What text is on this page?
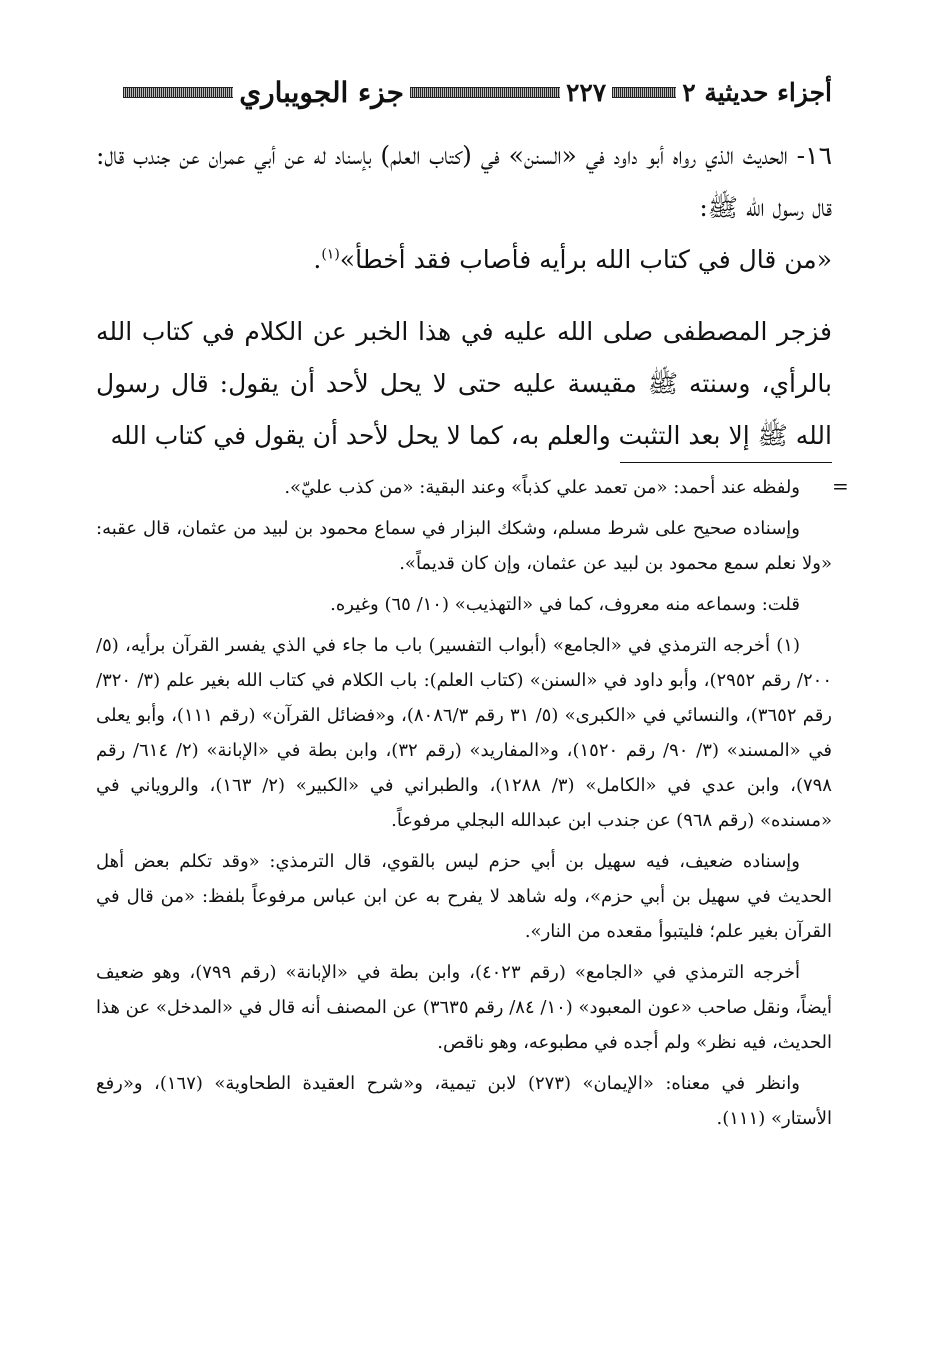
أجزاء حديثية ٢
٢٢٧
جزء الجويباري

١٦- الحديث الذي رواه أبو داود في «السنن» في (كتاب العلم) بإسناد له عن أبي عمران عن جندب قال: قال رسول الله ﷺ:

«من قال في كتاب الله برأيه فأصاب فقد أخطأ»$^{(١)}$.

فزجر المصطفى صلى الله عليه في هذا الخبر عن الكلام في كتاب الله بالرأي، وسنته ﷺ مقيسة عليه حتى لا يحل لأحد أن يقول: قال رسول الله ﷺ إلا بعد التثبت والعلم به، كما لا يحل لأحد أن يقول في كتاب الله

=

ولفظه عند أحمد: «من تعمد علي كذباً» وعند البقية: «من كذب عليّ».

وإسناده صحيح على شرط مسلم، وشكك البزار في سماع محمود بن لبيد من عثمان، قال عقبه: «ولا نعلم سمع محمود بن لبيد عن عثمان، وإن كان قديماً».

قلت: وسماعه منه معروف، كما في «التهذيب» (١٠/ ٦٥) وغيره.

(١) أخرجه الترمذي في «الجامع» (أبواب التفسير) باب ما جاء في الذي يفسر القرآن برأيه، (٥/ ٢٠٠/ رقم ٢٩٥٢)، وأبو داود في «السنن» (كتاب العلم): باب الكلام في كتاب الله بغير علم (٣/ ٣٢٠/ رقم ٣٦٥٢)، والنسائي في «الكبرى» (٥/ ٣١ رقم ٨٠٨٦/٣)، و«فضائل القرآن» (رقم ١١١)، وأبو يعلى في «المسند» (٣/ ٩٠/ رقم ١٥٢٠)، و«المفاريد» (رقم ٣٢)، وابن بطة في «الإبانة» (٢/ ٦١٤/ رقم ٧٩٨)، وابن عدي في «الكامل» (٣/ ١٢٨٨)، والطبراني في «الكبير» (٢/ ١٦٣)، والروياني في «مسنده» (رقم ٩٦٨) عن جندب ابن عبدالله البجلي مرفوعاً.

وإسناده ضعيف، فيه سهيل بن أبي حزم ليس بالقوي، قال الترمذي: «وقد تكلم بعض أهل الحديث في سهيل بن أبي حزم»، وله شاهد لا يفرح به عن ابن عباس مرفوعاً بلفظ: «من قال في القرآن بغير علم؛ فليتبوأ مقعده من النار».

أخرجه الترمذي في «الجامع» (رقم ٤٠٢٣)، وابن بطة في «الإبانة» (رقم ٧٩٩)، وهو ضعيف أيضاً، ونقل صاحب «عون المعبود» (١٠/ ٨٤/ رقم ٣٦٣٥) عن المصنف أنه قال في «المدخل» عن هذا الحديث، فيه نظر» ولم أجده في مطبوعه، وهو ناقص.

وانظر في معناه: «الإيمان» (٢٧٣) لابن تيمية، و«شرح العقيدة الطحاوية» (١٦٧)، و«رفع الأستار» (١١١).
